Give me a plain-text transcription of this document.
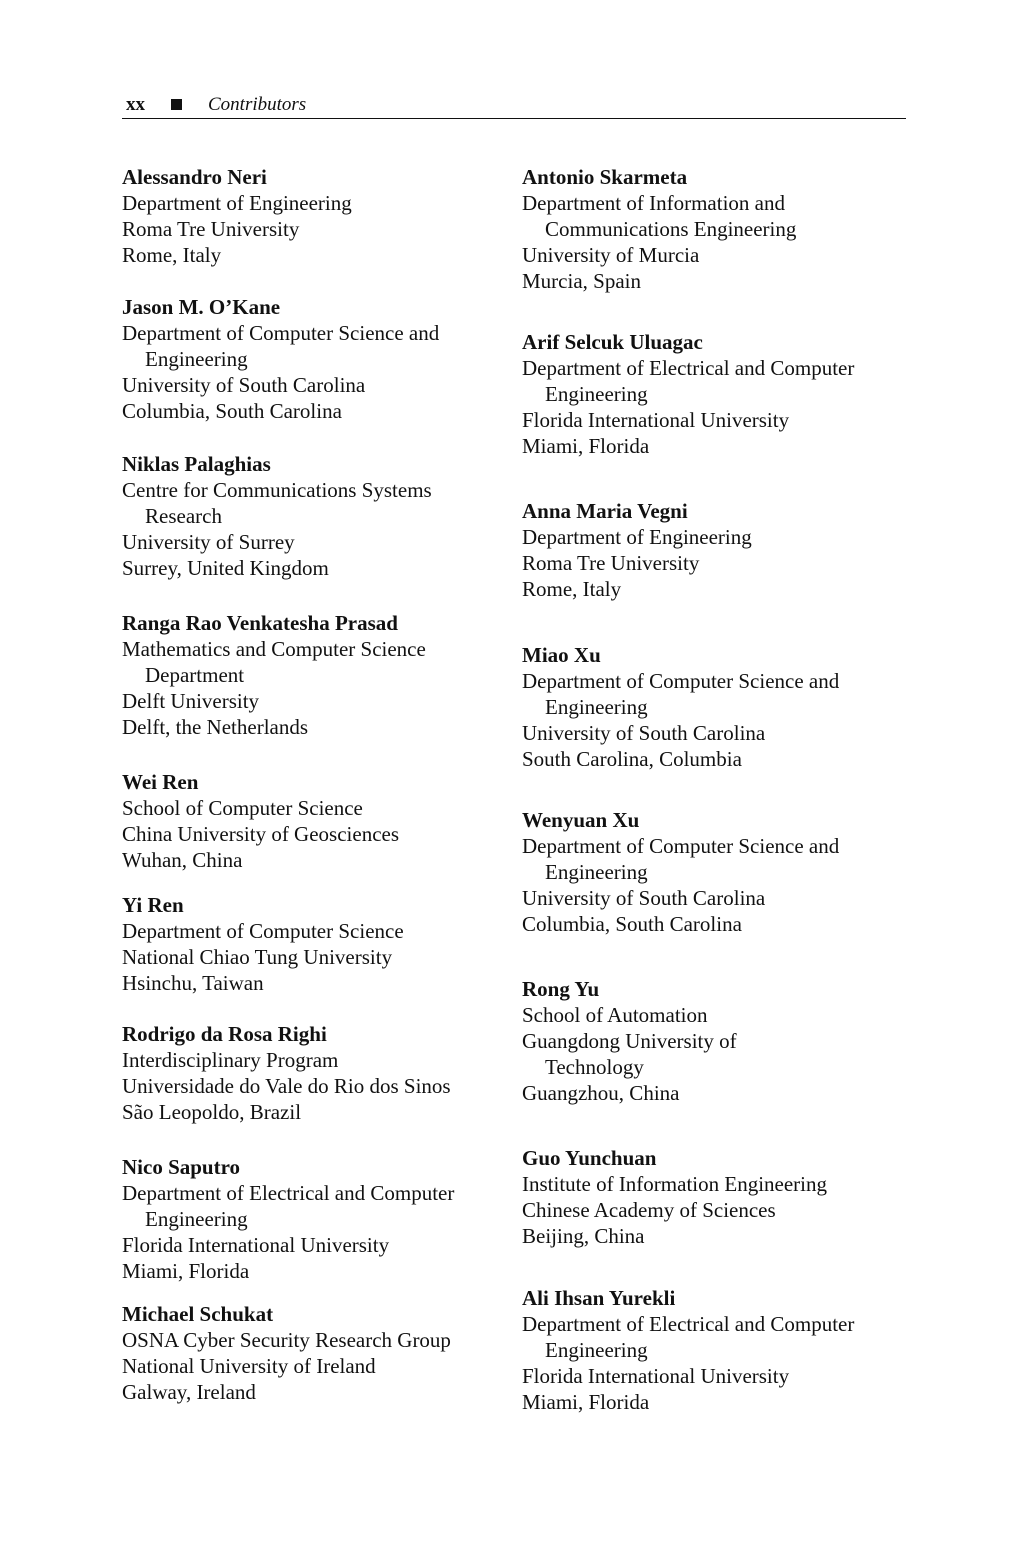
xx	Contributors
Alessandro Neri
Department of Engineering
Roma Tre University
Rome, Italy
Jason M. O’Kane
Department of Computer Science and
Engineering
University of South Carolina
Columbia, South Carolina
Niklas Palaghias
Centre for Communications Systems
Research
University of Surrey
Surrey, United Kingdom
Ranga Rao Venkatesha Prasad
Mathematics and Computer Science
Department
Delft University
Delft, the Netherlands
Wei Ren
School of Computer Science
China University of Geosciences
Wuhan, China
Yi Ren
Department of Computer Science
National Chiao Tung University
Hsinchu, Taiwan
Rodrigo da Rosa Righi
Interdisciplinary Program
Universidade do Vale do Rio dos Sinos
São Leopoldo, Brazil
Nico Saputro
Department of Electrical and Computer
Engineering
Florida International University
Miami, Florida
Michael Schukat
OSNA Cyber Security Research Group
National University of Ireland
Galway, Ireland
Antonio Skarmeta
Department of Information and
Communications Engineering
University of Murcia
Murcia, Spain
Arif Selcuk Uluagac
Department of Electrical and Computer
Engineering
Florida International University
Miami, Florida
Anna Maria Vegni
Department of Engineering
Roma Tre University
Rome, Italy
Miao Xu
Department of Computer Science and
Engineering
University of South Carolina
South Carolina, Columbia
Wenyuan Xu
Department of Computer Science and
Engineering
University of South Carolina
Columbia, South Carolina
Rong Yu
School of Automation
Guangdong University of
Technology
Guangzhou, China
Guo Yunchuan
Institute of Information Engineering
Chinese Academy of Sciences
Beijing, China
Ali Ihsan Yurekli
Department of Electrical and Computer
Engineering
Florida International University
Miami, Florida
